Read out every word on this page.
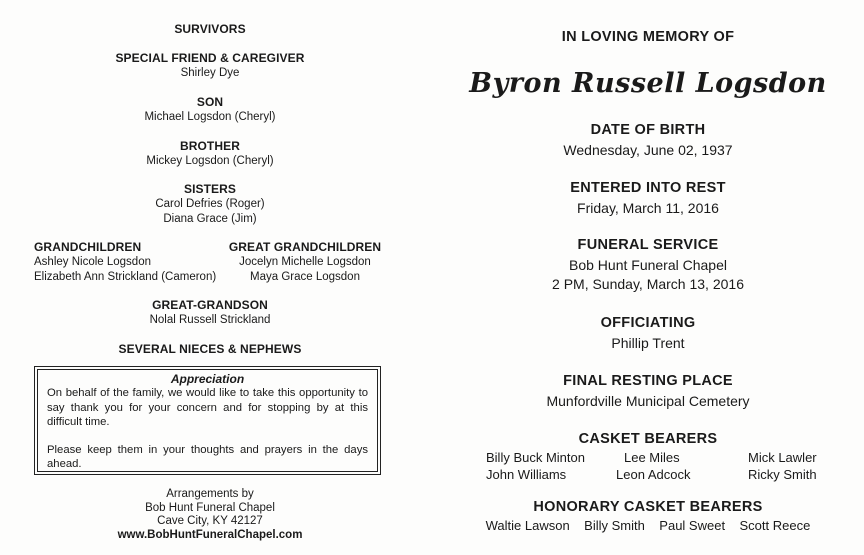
SURVIVORS
SPECIAL FRIEND & CAREGIVER
Shirley Dye
SON
Michael Logsdon (Cheryl)
BROTHER
Mickey Logsdon (Cheryl)
SISTERS
Carol Defries (Roger)
Diana Grace (Jim)
GRANDCHILDREN
Ashley Nicole Logsdon
Elizabeth Ann Strickland (Cameron)
GREAT GRANDCHILDREN
Jocelyn Michelle Logsdon
Maya Grace Logsdon
GREAT-GRANDSON
Nolal Russell Strickland
SEVERAL NIECES & NEPHEWS
Appreciation
On behalf of the family, we would like to take this opportunity to say thank you for your concern and for stopping by at this difficult time.
Please keep them in your thoughts and prayers in the days ahead.
Arrangements by
Bob Hunt Funeral Chapel
Cave City, KY 42127
www.BobHuntFuneralChapel.com
IN LOVING MEMORY OF
Byron Russell Logsdon
DATE OF BIRTH
Wednesday, June 02, 1937
ENTERED INTO REST
Friday, March 11, 2016
FUNERAL SERVICE
Bob Hunt Funeral Chapel
2 PM, Sunday, March 13, 2016
OFFICIATING
Phillip Trent
FINAL RESTING PLACE
Munfordville Municipal Cemetery
CASKET BEARERS
Billy Buck Minton	Lee Miles	Mick Lawler
John Williams	Leon Adcock	Ricky Smith
HONORARY CASKET BEARERS
Waltie Lawson Billy Smith Paul Sweet Scott Reece
